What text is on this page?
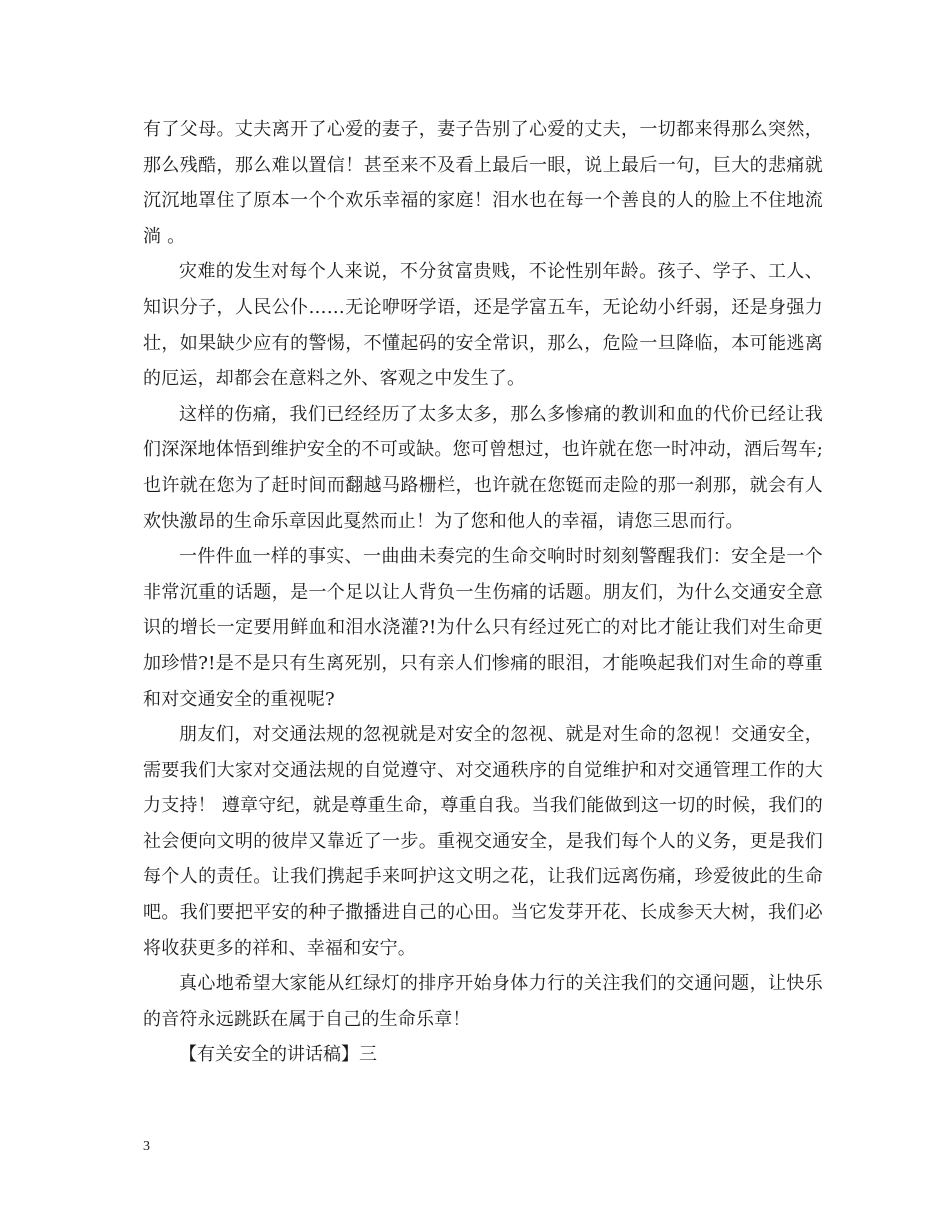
有了父母。丈夫离开了心爱的妻子，妻子告别了心爱的丈夫，一切都来得那么突然，那么残酷，那么难以置信！甚至来不及看上最后一眼，说上最后一句，巨大的悲痛就沉沉地罩住了原本一个个欢乐幸福的家庭！泪水也在每一个善良的人的脸上不住地流淌 。

灾难的发生对每个人来说，不分贫富贵贱，不论性别年龄。孩子、学子、工人、知识分子，人民公仆……无论咿呀学语，还是学富五车，无论幼小纤弱，还是身强力壮，如果缺少应有的警惕，不懂起码的安全常识，那么，危险一旦降临，本可能逃离的厄运，却都会在意料之外、客观之中发生了。

这样的伤痛，我们已经经历了太多太多，那么多惨痛的教训和血的代价已经让我们深深地体悟到维护安全的不可或缺。您可曾想过，也许就在您一时冲动，酒后驾车;也许就在您为了赶时间而翻越马路栅栏，也许就在您铤而走险的那一刹那，就会有人欢快激昂的生命乐章因此戛然而止！为了您和他人的幸福，请您三思而行。

一件件血一样的事实、一曲曲未奏完的生命交响时时刻刻警醒我们：安全是一个非常沉重的话题，是一个足以让人背负一生伤痛的话题。朋友们，为什么交通安全意识的增长一定要用鲜血和泪水浇灌?!为什么只有经过死亡的对比才能让我们对生命更加珍惜?!是不是只有生离死别，只有亲人们惨痛的眼泪，才能唤起我们对生命的尊重和对交通安全的重视呢?

朋友们，对交通法规的忽视就是对安全的忽视、就是对生命的忽视！交通安全，需要我们大家对交通法规的自觉遵守、对交通秩序的自觉维护和对交通管理工作的大力支持！ 遵章守纪，就是尊重生命，尊重自我。当我们能做到这一切的时候，我们的社会便向文明的彼岸又靠近了一步。重视交通安全，是我们每个人的义务，更是我们每个人的责任。让我们携起手来呵护这文明之花，让我们远离伤痛，珍爱彼此的生命吧。我们要把平安的种子撒播进自己的心田。当它发芽开花、长成参天大树，我们必将收获更多的祥和、幸福和安宁。

真心地希望大家能从红绿灯的排序开始身体力行的关注我们的交通问题，让快乐的音符永远跳跃在属于自己的生命乐章！

【有关安全的讲话稿】三

3
